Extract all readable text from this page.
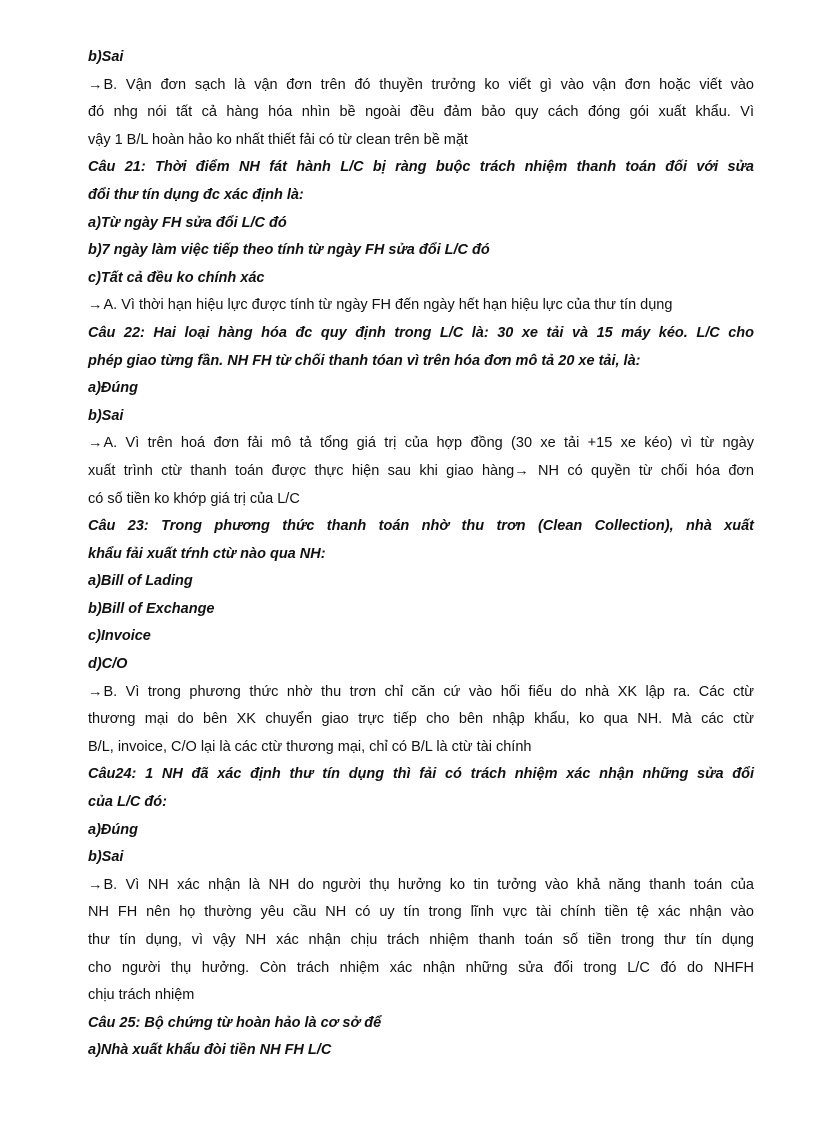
b)Sai
→B. Vận đơn sạch là vận đơn trên đó thuyền trưởng ko viết gì vào vận đơn hoặc viết vào
đó nhg nói tất cả hàng hóa nhìn bề ngoài đều đảm bảo quy cách đóng gói xuất khẩu. Vì
vậy 1 B/L hoàn hảo ko nhất thiết fải có từ clean trên bề mặt
Câu 21: Thời điểm NH fát hành L/C bị ràng buộc trách nhiệm thanh toán đối với sửa
đổi thư tín dụng đc xác định là:
a)Từ ngày FH sửa đổi L/C đó
b)7 ngày làm việc tiếp theo tính từ ngày FH sửa đổi L/C đó
c)Tất cả đều ko chính xác
→A. Vì thời hạn hiệu lực được tính từ ngày FH đến ngày hết hạn hiệu lực của thư tín dụng
Câu 22: Hai loại hàng hóa đc quy định trong L/C là: 30 xe tải và 15 máy kéo. L/C cho
phép giao từng fần. NH FH từ chối thanh tóan vì trên hóa đơn mô tả 20 xe tải, là:
a)Đúng
b)Sai
→A. Vì trên hoá đơn fải mô tả tổng giá trị của hợp đồng (30 xe tải +15 xe kéo) vì từ ngày
xuất trình ctừ thanh toán được thực hiện sau khi giao hàng→ NH có quyền từ chối hóa đơn
có số tiền ko khớp giá trị của L/C
Câu 23: Trong phương thức thanh toán nhờ thu trơn (Clean Collection), nhà xuất
khẩu fải xuất tŕnh ctừ nào qua NH:
a)Bill of Lading
b)Bill of Exchange
c)Invoice
d)C/O
→B. Vì trong phương thức nhờ thu trơn chỉ căn cứ vào hối fiếu do nhà XK lập ra. Các ctừ
thương mại do bên XK chuyển giao trực tiếp cho bên nhập khẩu, ko qua NH. Mà các ctừ
B/L, invoice, C/O lại là các ctừ thương mại, chỉ có B/L là ctừ tài chính
Câu24: 1 NH đã xác định thư tín dụng thì fải có trách nhiệm xác nhận những sửa đổi
của L/C đó:
a)Đúng
b)Sai
→B. Vì NH xác nhận là NH do người thụ hưởng ko tin tưởng vào khả năng thanh toán của
NH FH nên họ thường yêu cầu NH có uy tín trong lĩnh vực tài chính tiền tệ xác nhận vào
thư tín dụng, vì vậy NH xác nhận chịu trách nhiệm thanh toán số tiền trong thư tín dụng
cho người thụ hưởng. Còn trách nhiệm xác nhận những sửa đổi trong L/C đó do NHFH
chịu trách nhiệm
Câu 25: Bộ chứng từ hoàn hảo là cơ sở để
a)Nhà xuất khẩu đòi tiền NH FH L/C
